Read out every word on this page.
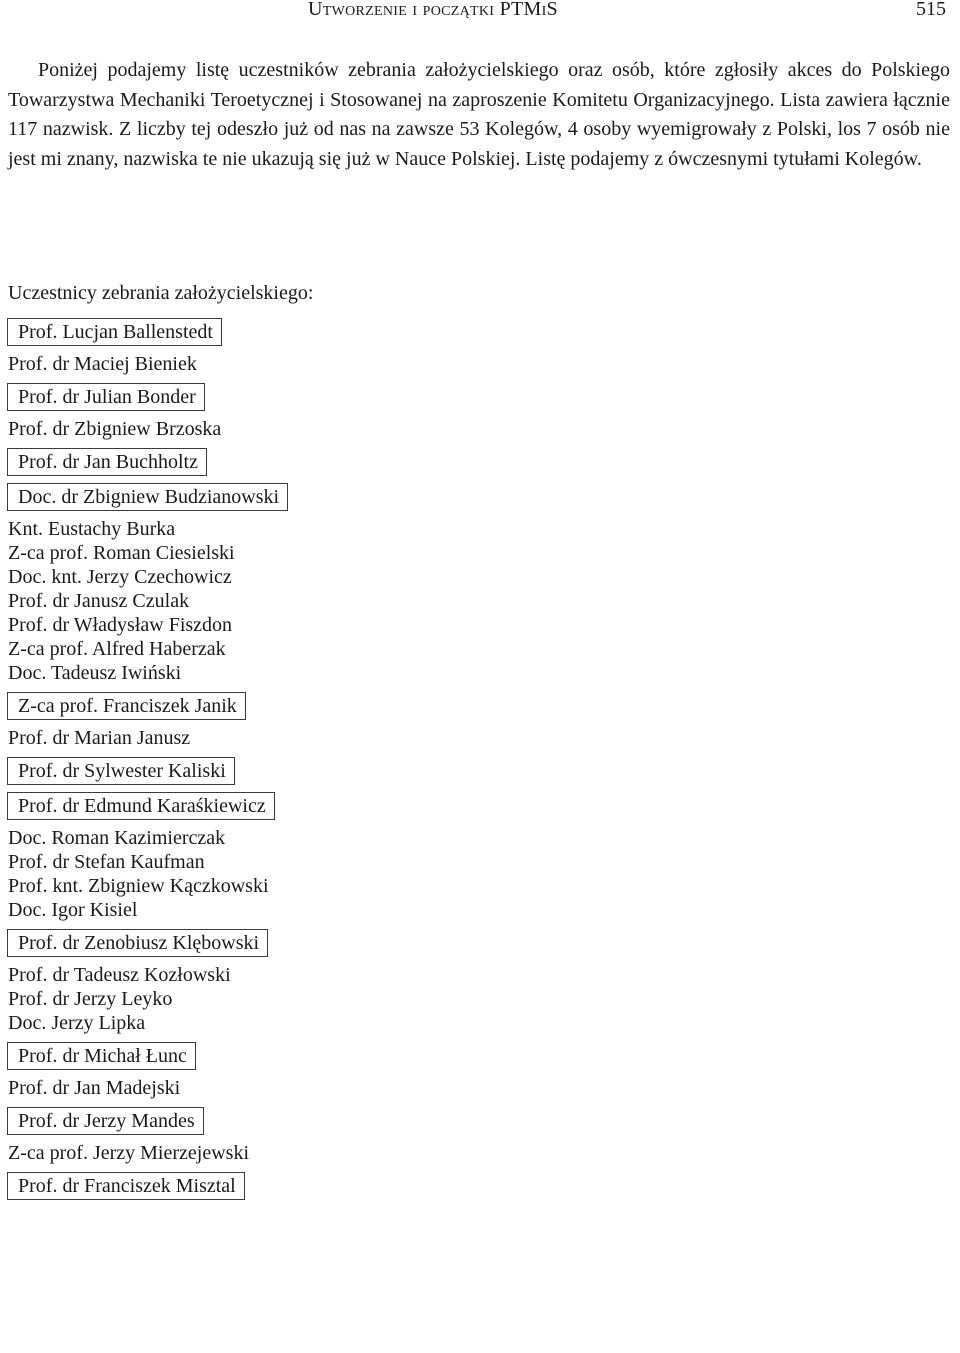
Utworzenie i początki PTMiS	515

Poniżej podajemy listę uczestników zebrania założycielskiego oraz osób, które zgłosiły akces do Polskiego Towarzystwa Mechaniki Teroetycznej i Stosowanej na zaproszenie Komitetu Organizacyjnego. Lista zawiera łącznie 117 nazwisk. Z liczby tej odeszło już od nas na zawsze 53 Kolegów, 4 osoby wyemigrowały z Polski, los 7 osób nie jest mi znany, nazwiska te nie ukazują się już w Nauce Polskiej. Listę podajemy z ówczesnymi tytułami Kolegów.

Uczestnicy zebrania założycielskiego:
Prof. Lucjan Ballenstedt
Prof. dr Maciej Bieniek
Prof. dr Julian Bonder
Prof. dr Zbigniew Brzoska
Prof. dr Jan Buchholtz
Doc. dr Zbigniew Budzianowski
Knt. Eustachy Burka
Z-ca prof. Roman Ciesielski
Doc. knt. Jerzy Czechowicz
Prof. dr Janusz Czulak
Prof. dr Władysław Fiszdon
Z-ca prof. Alfred Haberzak
Doc. Tadeusz Iwiński
Z-ca prof. Franciszek Janik
Prof. dr Marian Janusz
Prof. dr Sylwester Kaliski
Prof. dr Edmund Karaśkiewicz
Doc. Roman Kazimierczak
Prof. dr Stefan Kaufman
Prof. knt. Zbigniew Kączkowski
Doc. Igor Kisiel
Prof. dr Zenobiusz Klębowski
Prof. dr Tadeusz Kozłowski
Prof. dr Jerzy Leyko
Doc. Jerzy Lipka
Prof. dr Michał Łunc
Prof. dr Jan Madejski
Prof. dr Jerzy Mandes
Z-ca prof. Jerzy Mierzejewski
Prof. dr Franciszek Misztal
